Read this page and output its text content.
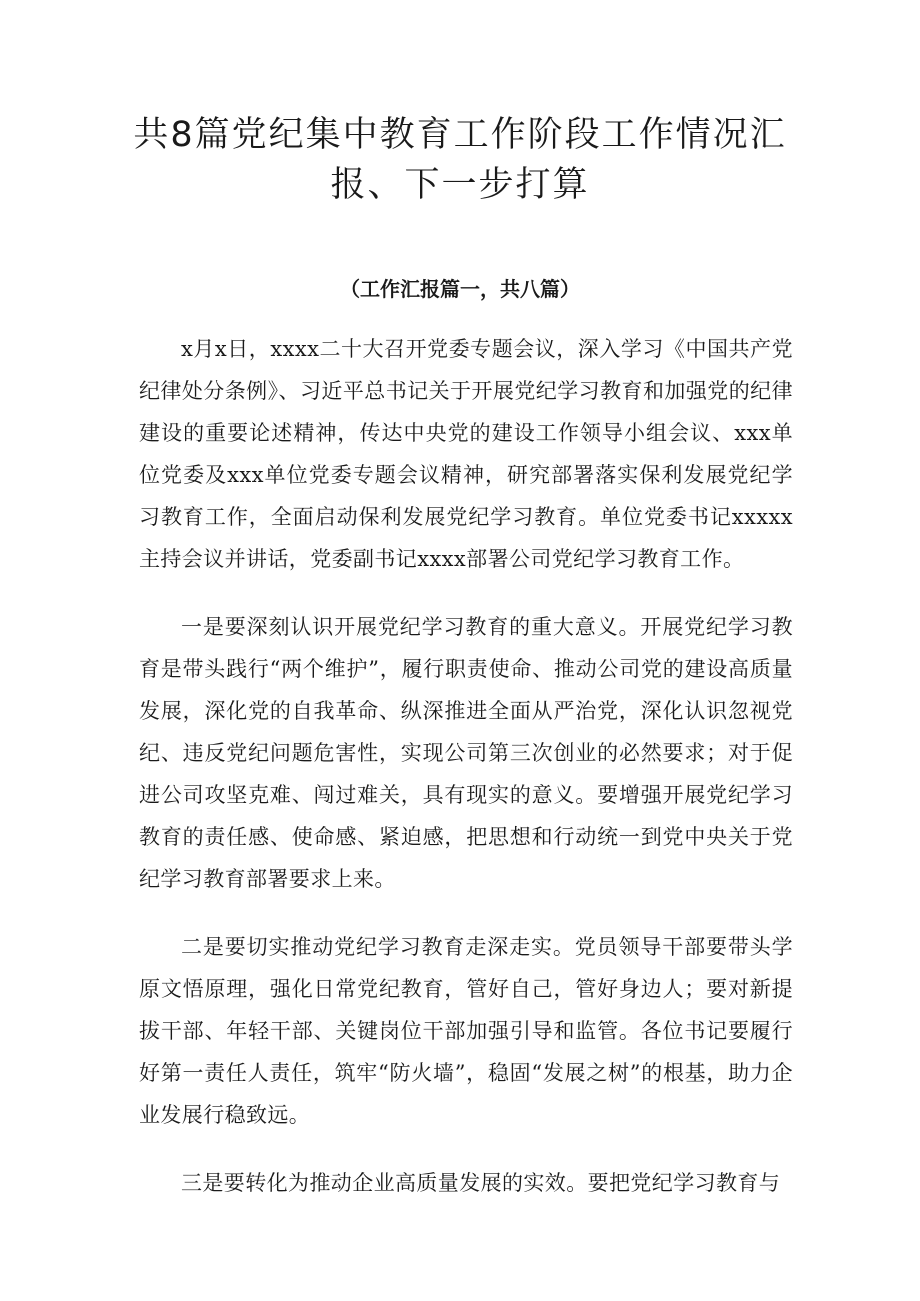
共8篇党纪集中教育工作阶段工作情况汇
报、下一步打算

（工作汇报篇一，共八篇）

x月x日，xxxx二十大召开党委专题会议，深入学习《中国共产党纪律处分条例》、习近平总书记关于开展党纪学习教育和加强党的纪律建设的重要论述精神，传达中央党的建设工作领导小组会议、xxx单位党委及xxx单位党委专题会议精神，研究部署落实保利发展党纪学习教育工作，全面启动保利发展党纪学习教育。单位党委书记xxxxx主持会议并讲话，党委副书记xxxx部署公司党纪学习教育工作。

一是要深刻认识开展党纪学习教育的重大意义。开展党纪学习教育是带头践行“两个维护”，履行职责使命、推动公司党的建设高质量发展，深化党的自我革命、纵深推进全面从严治党，深化认识忽视党纪、违反党纪问题危害性，实现公司第三次创业的必然要求；对于促进公司攻坚克难、闯过难关，具有现实的意义。要增强开展党纪学习教育的责任感、使命感、紧迫感，把思想和行动统一到党中央关于党纪学习教育部署要求上来。

二是要切实推动党纪学习教育走深走实。党员领导干部要带头学原文悟原理，强化日常党纪教育，管好自己，管好身边人；要对新提拔干部、年轻干部、关键岗位干部加强引导和监管。各位书记要履行好第一责任人责任，筑牢“防火墙”，稳固“发展之树”的根基，助力企业发展行稳致远。

三是要转化为推动企业高质量发展的实效。要把党纪学习教育与
